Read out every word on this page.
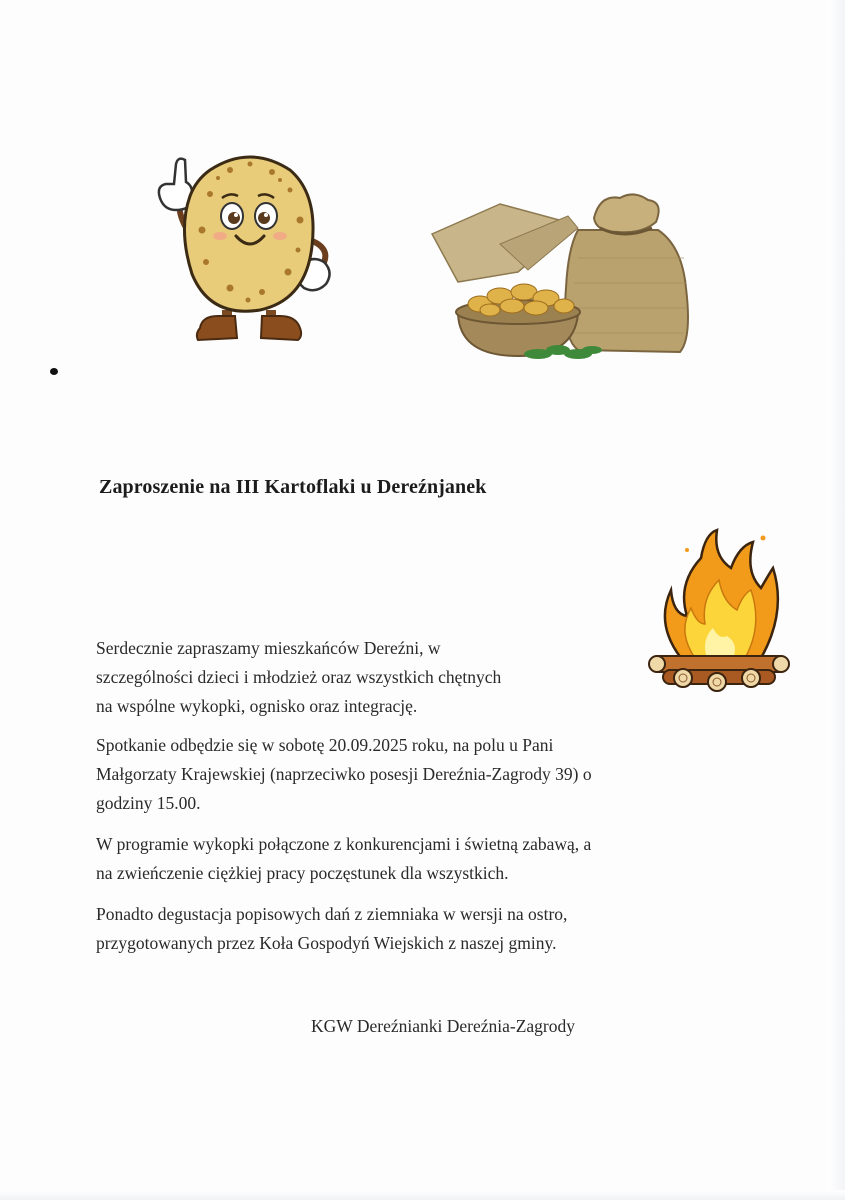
Zaproszenie na III Kartoflaki u Dereźnjanek
Serdecznie zapraszamy mieszkańców Dereźni, w
szczególności dzieci i młodzież oraz wszystkich chętnych
na wspólne wykopki, ognisko oraz integrację.
Spotkanie odbędzie się w sobotę 20.09.2025 roku, na polu u Pani
Małgorzaty Krajewskiej (naprzeciwko posesji Dereźnia-Zagrody 39) o
godziny 15.00.
W programie wykopki połączone z konkurencjami i świetną zabawą, a
na zwieńczenie ciężkiej pracy poczęstunek dla wszystkich.
Ponadto degustacja popisowych dań z ziemniaka w wersji na ostro,
przygotowanych przez Koła Gospodyń Wiejskich z naszej gminy.
KGW Dereźnianki Dereźnia-Zagrody
